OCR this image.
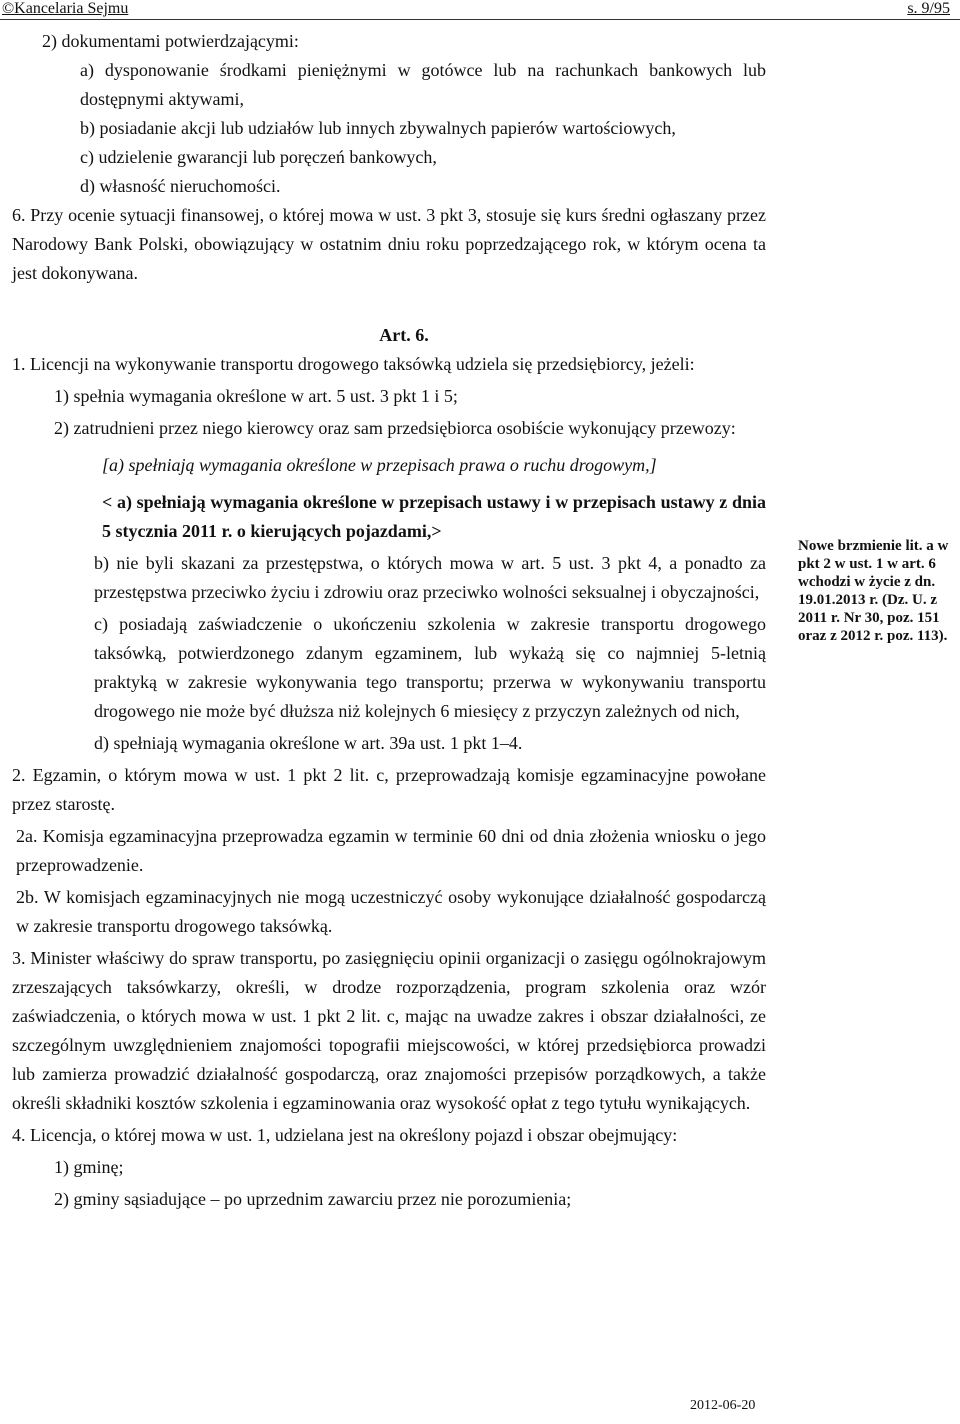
©Kancelaria Sejmu	s. 9/95
2) dokumentami potwierdzającymi:
a) dysponowanie środkami pieniężnymi w gotówce lub na rachunkach bankowych lub dostępnymi aktywami,
b) posiadanie akcji lub udziałów lub innych zbywalnych papierów wartościowych,
c) udzielenie gwarancji lub poręczeń bankowych,
d) własność nieruchomości.
6. Przy ocenie sytuacji finansowej, o której mowa w ust. 3 pkt 3, stosuje się kurs średni ogłaszany przez Narodowy Bank Polski, obowiązujący w ostatnim dniu roku poprzedzającego rok, w którym ocena ta jest dokonywana.
Art. 6.
1. Licencji na wykonywanie transportu drogowego taksówką udziela się przedsiębiorcy, jeżeli:
1) spełnia wymagania określone w art. 5 ust. 3 pkt 1 i 5;
2) zatrudnieni przez niego kierowcy oraz sam przedsiębiorca osobiście wykonujący przewozy:
[a) spełniają wymagania określone w przepisach prawa o ruchu drogowym,]
< a) spełniają wymagania określone w przepisach ustawy i w przepisach ustawy z dnia 5 stycznia 2011 r. o kierujących pojazdami,>
b) nie byli skazani za przestępstwa, o których mowa w art. 5 ust. 3 pkt 4, a ponadto za przestępstwa przeciwko życiu i zdrowiu oraz przeciwko wolności seksualnej i obyczajności,
c) posiadają zaświadczenie o ukończeniu szkolenia w zakresie transportu drogowego taksówką, potwierdzonego zdanym egzaminem, lub wykażą się co najmniej 5-letnią praktyką w zakresie wykonywania tego transportu; przerwa w wykonywaniu transportu drogowego nie może być dłuższa niż kolejnych 6 miesięcy z przyczyn zależnych od nich,
d) spełniają wymagania określone w art. 39a ust. 1 pkt 1–4.
2. Egzamin, o którym mowa w ust. 1 pkt 2 lit. c, przeprowadzają komisje egzaminacyjne powołane przez starostę.
2a. Komisja egzaminacyjna przeprowadza egzamin w terminie 60 dni od dnia złożenia wniosku o jego przeprowadzenie.
2b. W komisjach egzaminacyjnych nie mogą uczestniczyć osoby wykonujące działalność gospodarczą w zakresie transportu drogowego taksówką.
3. Minister właściwy do spraw transportu, po zasięgnięciu opinii organizacji o zasięgu ogólnokrajowym zrzeszających taksówkarzy, określi, w drodze rozporządzenia, program szkolenia oraz wzór zaświadczenia, o których mowa w ust. 1 pkt 2 lit. c, mając na uwadze zakres i obszar działalności, ze szczególnym uwzględnieniem znajomości topografii miejscowości, w której przedsiębiorca prowadzi lub zamierza prowadzić działalność gospodarczą, oraz znajomości przepisów porządkowych, a także określi składniki kosztów szkolenia i egzaminowania oraz wysokość opłat z tego tytułu wynikających.
4. Licencja, o której mowa w ust. 1, udzielana jest na określony pojazd i obszar obejmujący:
1) gminę;
2) gminy sąsiadujące – po uprzednim zawarciu przez nie porozumienia;
Nowe brzmienie lit. a w pkt 2 w ust. 1 w art. 6 wchodzi w życie z dn. 19.01.2013 r. (Dz. U. z 2011 r. Nr 30, poz. 151 oraz z 2012 r. poz. 113).
2012-06-20
